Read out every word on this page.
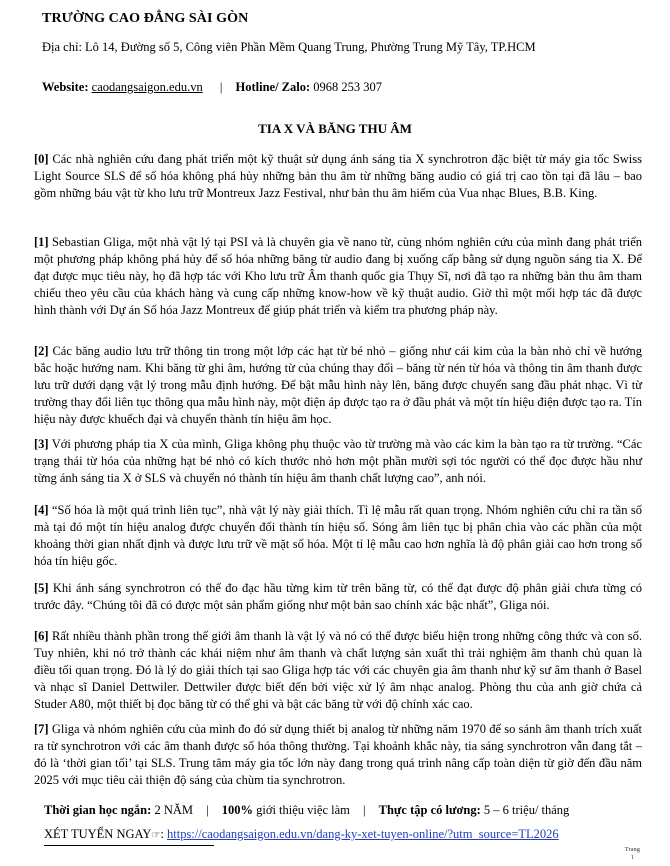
TRƯỜNG CAO ĐẲNG SÀI GÒN
Địa chỉ: Lô 14, Đường số 5, Công viên Phần Mềm Quang Trung, Phường Trung Mỹ Tây, TP.HCM
Website: caodangsaigon.edu.vn | Hotline/ Zalo: 0968 253 307
TIA X VÀ BĂNG THU ÂM
[0] Các nhà nghiên cứu đang phát triển một kỹ thuật sử dụng ánh sáng tia X synchrotron đặc biệt từ máy gia tốc Swiss Light Source SLS để số hóa không phá hủy những bản thu âm từ những băng audio có giá trị cao tồn tại đã lâu – bao gồm những báu vật từ kho lưu trữ Montreux Jazz Festival, như bản thu âm hiếm của Vua nhạc Blues, B.B. King.
[1] Sebastian Gliga, một nhà vật lý tại PSI và là chuyên gia về nano từ, cùng nhóm nghiên cứu của mình đang phát triển một phương pháp không phá hủy để số hóa những băng từ audio đang bị xuống cấp bằng sử dụng nguồn sáng tia X. Để đạt được mục tiêu này, họ đã hợp tác với Kho lưu trữ Âm thanh quốc gia Thụy Sĩ, nơi đã tạo ra những bản thu âm tham chiếu theo yêu cầu của khách hàng và cung cấp những know-how về kỹ thuật audio. Giờ thì một mối hợp tác đã được hình thành với Dự án Số hóa Jazz Montreux để giúp phát triển và kiểm tra phương pháp này.
[2] Các băng audio lưu trữ thông tin trong một lớp các hạt từ bé nhỏ – giống như cái kim của la bàn nhỏ chỉ về hướng bắc hoặc hướng nam. Khi băng từ ghi âm, hướng từ của chúng thay đổi – băng từ nén từ hóa và thông tin âm thanh được lưu trữ dưới dạng vật lý trong mẫu định hướng. Để bật mẫu hình này lên, băng được chuyển sang đầu phát nhạc. Vì từ trường thay đổi liên tục thông qua mẫu hình này, một điện áp được tạo ra ở đầu phát và một tín hiệu điện được tạo ra. Tín hiệu này được khuếch đại và chuyển thành tín hiệu âm học.
[3] Với phương pháp tia X của mình, Gliga không phụ thuộc vào từ trường mà vào các kim la bàn tạo ra từ trường. “Các trạng thái từ hóa của những hạt bé nhỏ có kích thước nhỏ hơn một phần mười sợi tóc người có thể đọc được hầu như từng ánh sáng tia X ở SLS và chuyển nó thành tín hiệu âm thanh chất lượng cao”, anh nói.
[4] “Số hóa là một quá trình liên tục”, nhà vật lý này giải thích. Tỉ lệ mẫu rất quan trọng. Nhóm nghiên cứu chỉ ra tần số mà tại đó một tín hiệu analog được chuyển đổi thành tín hiệu số. Sóng âm liên tục bị phân chia vào các phần của một khoảng thời gian nhất định và được lưu trữ về mặt số hóa. Một tỉ lệ mẫu cao hơn nghĩa là độ phân giải cao hơn trong số hóa tín hiệu gốc.
[5] Khi ánh sáng synchrotron có thể đo đạc hầu từng kim từ trên băng từ, có thể đạt được độ phân giải chưa từng có trước đây. “Chúng tôi đã có được một sản phẩm giống như một bản sao chính xác bậc nhất”, Gliga nói.
[6] Rất nhiều thành phần trong thế giới âm thanh là vật lý và nó có thể được biểu hiện trong những công thức và con số. Tuy nhiên, khi nó trở thành các khái niệm như âm thanh và chất lượng sản xuất thì trải nghiệm âm thanh chủ quan là điều tối quan trọng. Đó là lý do giải thích tại sao Gliga hợp tác với các chuyên gia âm thanh như kỹ sư âm thanh ở Basel và nhạc sĩ Daniel Dettwiler. Dettwiler được biết đến bởi việc xử lý âm nhạc analog. Phòng thu của anh giờ chứa cả Studer A80, một thiết bị đọc băng từ có thể ghi và bật các băng từ với độ chính xác cao.
[7] Gliga và nhóm nghiên cứu của mình đo đó sử dụng thiết bị analog từ những năm 1970 để so sánh âm thanh trích xuất ra từ synchrotron với các âm thanh được số hóa thông thường. Tại khoảnh khắc này, tia sáng synchrotron vẫn đang tắt – đó là ‘thời gian tối’ tại SLS. Trung tâm máy gia tốc lớn này đang trong quá trình nâng cấp toàn diện từ giờ đến đầu năm 2025 với mục tiêu cải thiện độ sáng của chùm tia synchrotron.
Thời gian học ngắn: 2 NĂM | 100% giới thiệu việc làm | Thực tập có lương: 5 – 6 triệu/ tháng
XÉT TUYỂN NGAY☞: https://caodangsaigon.edu.vn/dang-ky-xet-tuyen-online/?utm_source=TL2026
Trang
1
